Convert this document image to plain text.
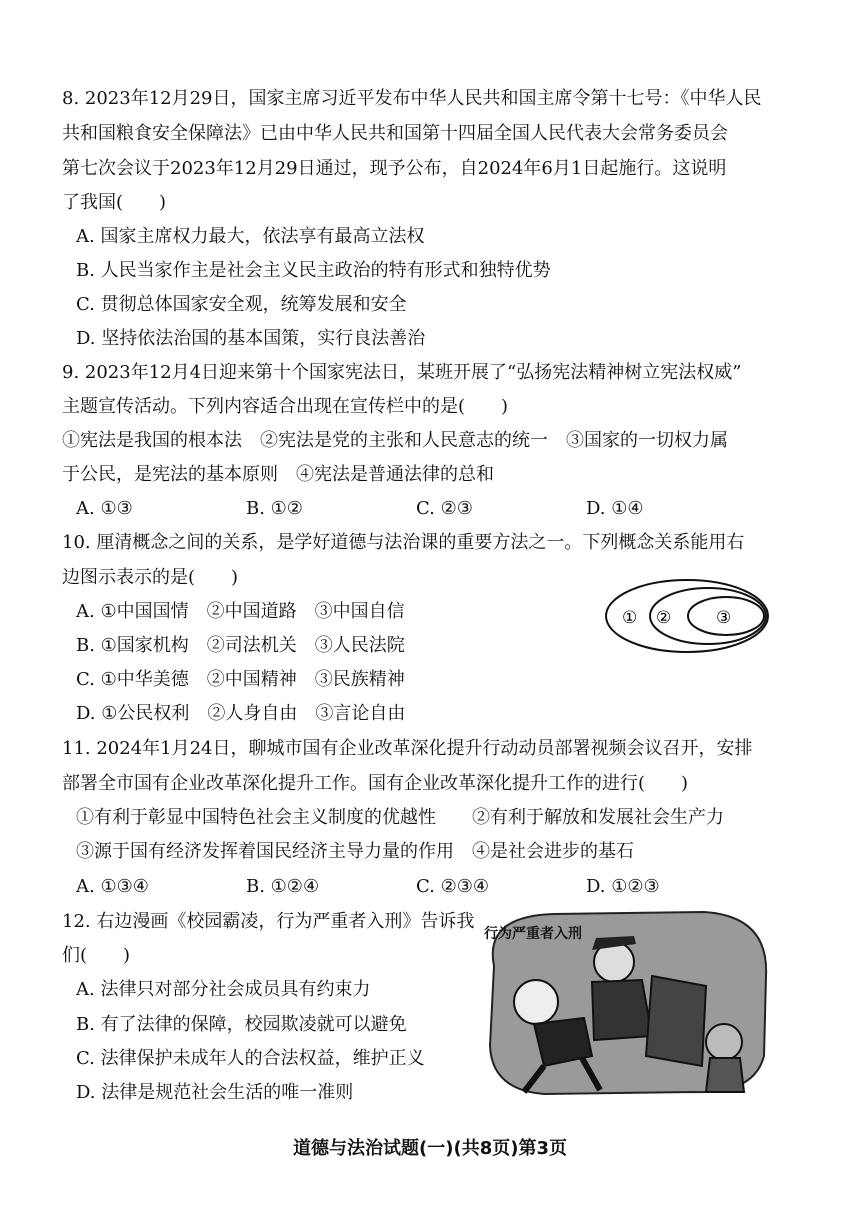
8. 2023年12月29日，国家主席习近平发布中华人民共和国主席令第十七号：《中华人民
共和国粮食安全保障法》已由中华人民共和国第十四届全国人民代表大会常务委员会
第七次会议于2023年12月29日通过，现予公布，自2024年6月1日起施行。这说明
了我国(　　)
A. 国家主席权力最大，依法享有最高立法权
B. 人民当家作主是社会主义民主政治的特有形式和独特优势
C. 贯彻总体国家安全观，统筹发展和安全
D. 坚持依法治国的基本国策，实行良法善治
9. 2023年12月4日迎来第十个国家宪法日，某班开展了“弘扬宪法精神树立宪法权威”
主题宣传活动。下列内容适合出现在宣传栏中的是(　　)
①宪法是我国的根本法　②宪法是党的主张和人民意志的统一　③国家的一切权力属
于公民，是宪法的基本原则　④宪法是普通法律的总和
A. ①③	B. ①②	C. ②③	D. ①④
10. 厘清概念之间的关系，是学好道德与法治课的重要方法之一。下列概念关系能用右
边图示表示的是(　　)
A. ①中国国情　②中国道路　③中国自信
B. ①国家机构　②司法机关　③人民法院
C. ①中华美德　②中国精神　③民族精神
D. ①公民权利　②人身自由　③言论自由
① ②	③
11. 2024年1月24日，聊城市国有企业改革深化提升行动动员部署视频会议召开，安排
部署全市国有企业改革深化提升工作。国有企业改革深化提升工作的进行(　　)
①有利于彰显中国特色社会主义制度的优越性　　②有利于解放和发展社会生产力
③源于国有经济发挥着国民经济主导力量的作用　④是社会进步的基石
A. ①③④	B. ①②④	C. ②③④	D. ①②③
12. 右边漫画《校园霸凌，行为严重者入刑》告诉我
们(　　)
A. 法律只对部分社会成员具有约束力
B. 有了法律的保障，校园欺凌就可以避免
C. 法律保护未成年人的合法权益，维护正义
D. 法律是规范社会生活的唯一准则
行为严重者入刑
道德与法治试题(一)(共8页)第3页
